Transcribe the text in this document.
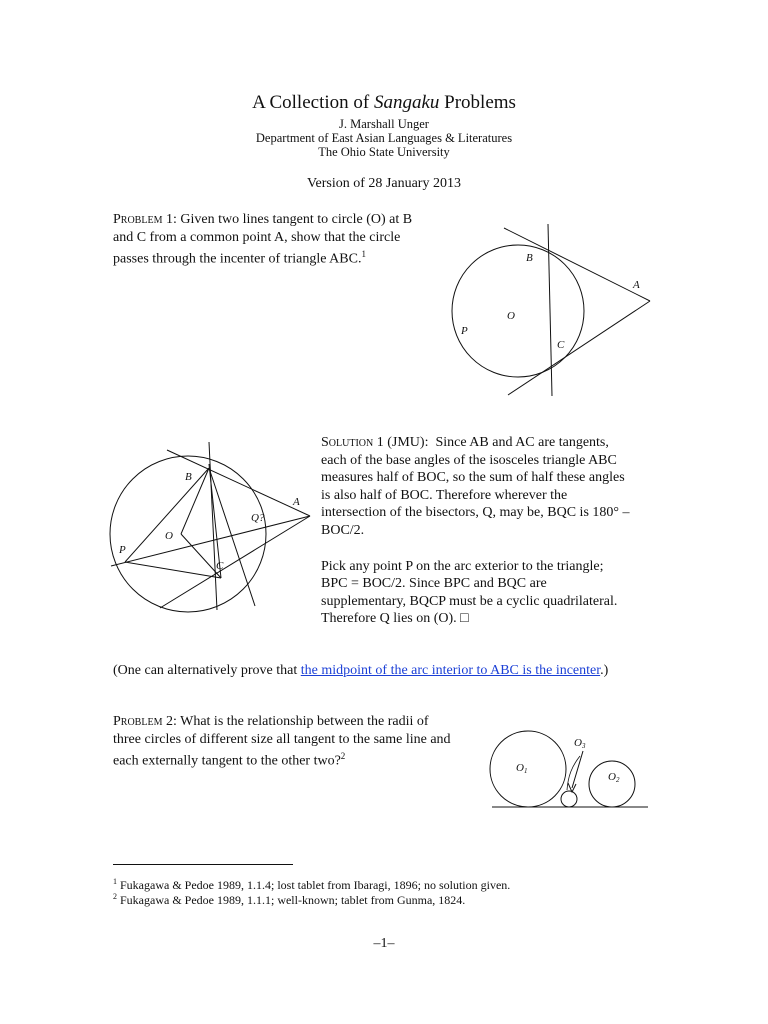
A Collection of Sangaku Problems
J. Marshall Unger
Department of East Asian Languages & Literatures
The Ohio State University
Version of 28 January 2013
Problem 1: Given two lines tangent to circle (O) at B
and C from a common point A, show that the circle
passes through the incenter of triangle ABC.$^1$	B
A
O
P
C
B
A
O
Q?
P
C
Solution 1 (JMU): Since AB and AC are tangents,
each of the base angles of the isosceles triangle ABC
measures half of BOC, so the sum of half these angles
is also half of BOC. Therefore wherever the
intersection of the bisectors, Q, may be, BQC is 180° –
BOC/2.
Pick any point P on the arc exterior to the triangle;
BPC = BOC/2. Since BPC and BQC are
supplementary, BQCP must be a cyclic quadrilateral.
Therefore Q lies on (O). □
(One can alternatively prove that the midpoint of the arc interior to ABC is the incenter.)
Problem 2: What is the relationship between the radii of
three circles of different size all tangent to the same line and
each externally tangent to the other two?$^2$
O1	O2
O3
$^1$ Fukagawa & Pedoe 1989, 1.1.4; lost tablet from Ibaragi, 1896; no solution given.
$^2$ Fukagawa & Pedoe 1989, 1.1.1; well-known; tablet from Gunma, 1824.
–1–
